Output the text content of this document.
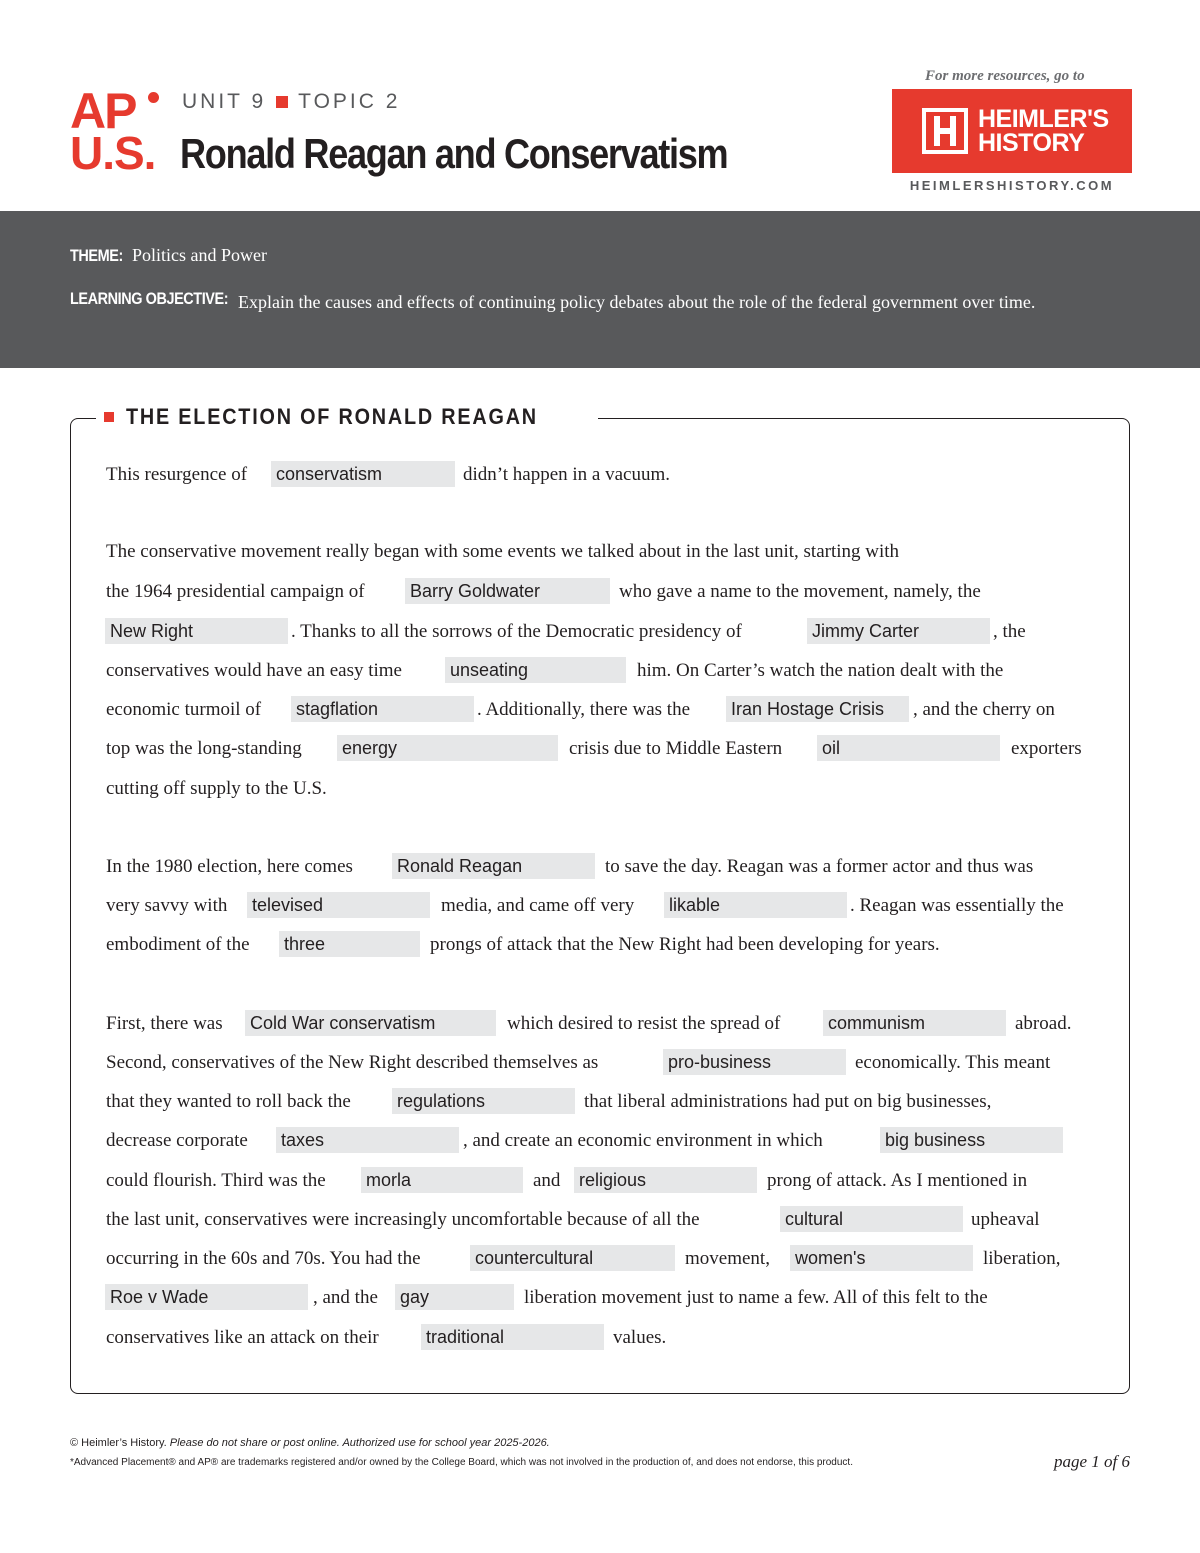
AP
U.S.
UNIT 9 TOPIC 2
Ronald Reagan and Conservatism
For more resources, go to
HEIMLER'S
HISTORY
HEIMLERSHISTORY.COM
THEME: Politics and Power
LEARNING OBJECTIVE: Explain the causes and effects of continuing policy debates about the role of the federal government over time.
THE ELECTION OF RONALD REAGAN
This resurgence of conservatism	didn’t happen in a vacuum.
The conservative movement really began with some events we talked about in the last unit, starting with
the 1964 presidential campaign of	Barry Goldwater	who gave a name to the movement, namely, the
New Right	. Thanks to all the sorrows of the Democratic presidency of	Jimmy Carter	, the
conservatives would have an easy time	unseating	him. On Carter’s watch the nation dealt with the
economic turmoil of stagflation	. Additionally, there was the Iran Hostage Crisis	, and the cherry on
top was the long-standing energy	crisis due to Middle Eastern oil	exporters
cutting off supply to the U.S.
In the 1980 election, here comes Ronald Reagan	to save the day. Reagan was a former actor and thus was
very savvy with televised	media, and came off very likable	. Reagan was essentially the
embodiment of the three	prongs of attack that the New Right had been developing for years.
First, there was Cold War conservatism	which desired to resist the spread of	communism	abroad.
Second, conservatives of the New Right described themselves as	pro-business	economically. This meant
that they wanted to roll back the	regulations	that liberal administrations had put on big businesses,
decrease corporate taxes	, and create an economic environment in which	big business
could flourish. Third was the morla	and religious	prong of attack. As I mentioned in
the last unit, conservatives were increasingly uncomfortable because of all the	cultural	upheaval
occurring in the 60s and 70s. You had the	countercultural	movement, women's	liberation,
Roe v Wade	, and the gay	liberation movement just to name a few. All of this felt to the
conservatives like an attack on their	traditional	values.
© Heimler’s History. Please do not share or post online. Authorized use for school year 2025-2026.
*Advanced Placement® and AP® are trademarks registered and/or owned by the College Board, which was not involved in the production of, and does not endorse, this product.	page 1 of 6
